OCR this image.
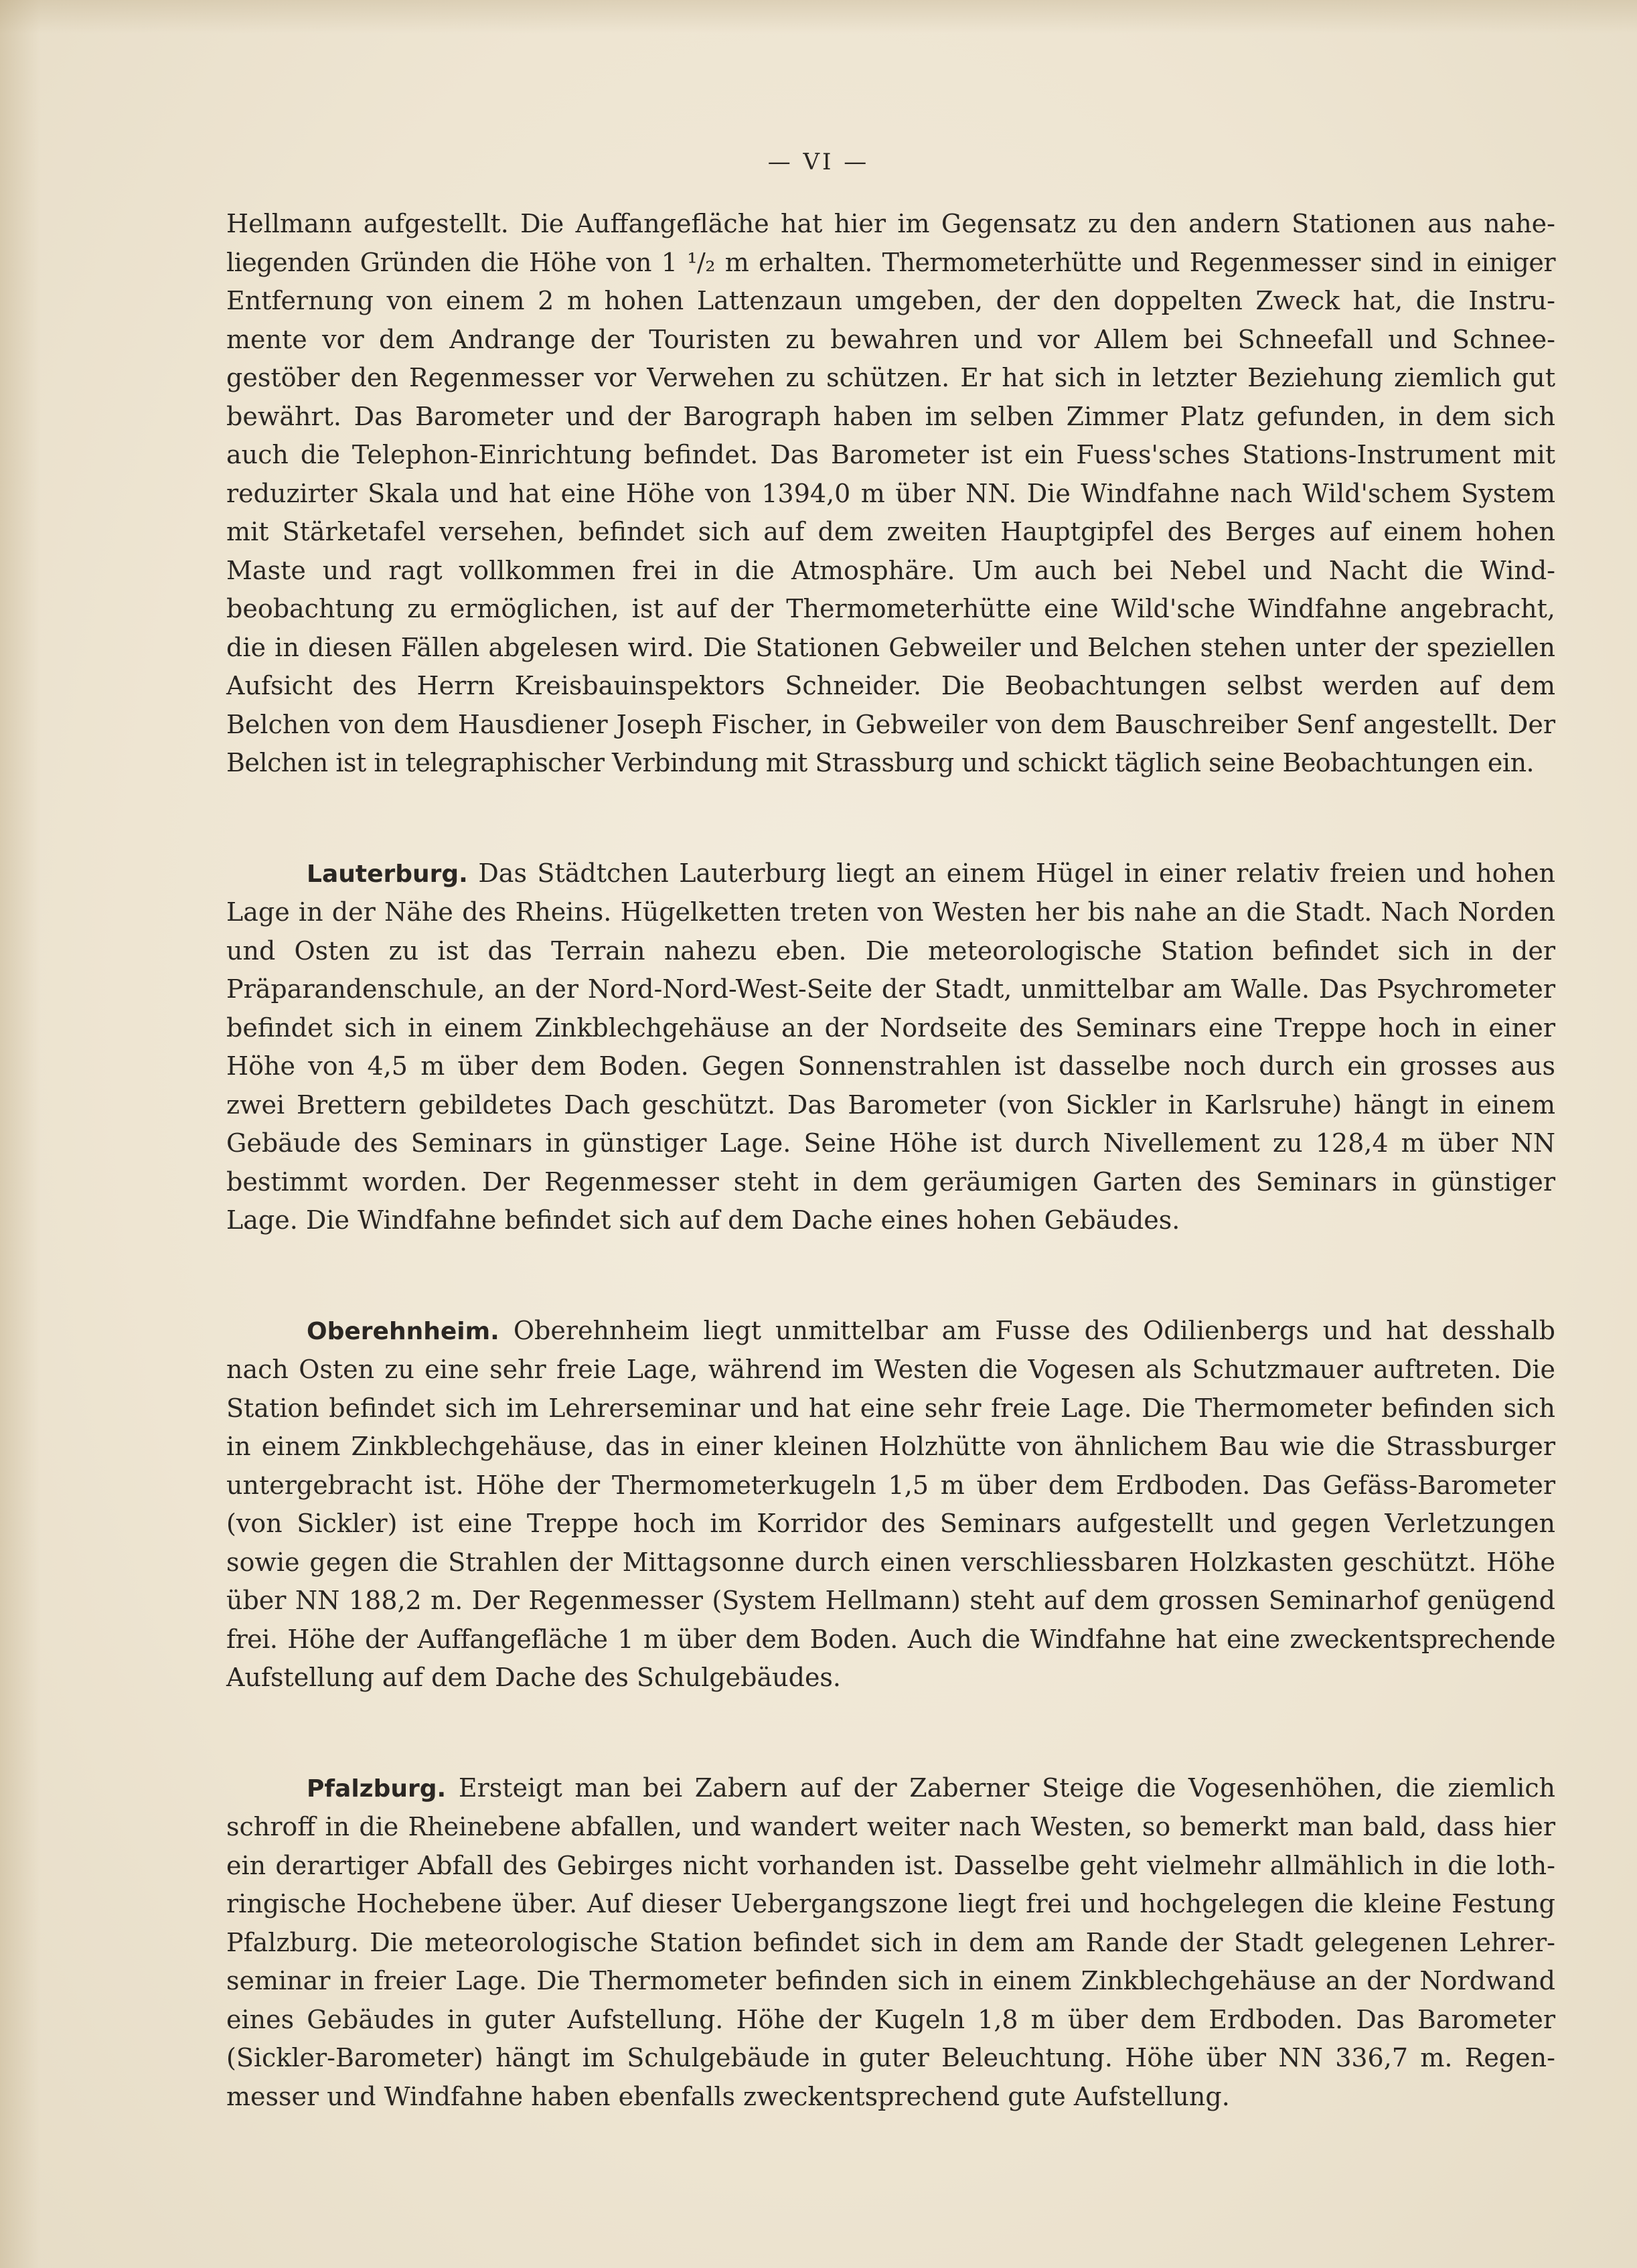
— VI —
Hellmann aufgestellt. Die Auffangefläche hat hier im Gegensatz zu den andern Stationen aus nahe-
liegenden Gründen die Höhe von 1 ¹/₂ m erhalten. Thermometerhütte und Regenmesser sind in einiger
Entfernung von einem 2 m hohen Lattenzaun umgeben, der den doppelten Zweck hat, die Instru-
mente vor dem Andrange der Touristen zu bewahren und vor Allem bei Schneefall und Schnee-
gestöber den Regenmesser vor Verwehen zu schützen. Er hat sich in letzter Beziehung ziemlich gut
bewährt. Das Barometer und der Barograph haben im selben Zimmer Platz gefunden, in dem sich
auch die Telephon-Einrichtung befindet. Das Barometer ist ein Fuess'sches Stations-Instrument mit
reduzirter Skala und hat eine Höhe von 1394,0 m über NN. Die Windfahne nach Wild'schem System
mit Stärketafel versehen, befindet sich auf dem zweiten Hauptgipfel des Berges auf einem hohen
Maste und ragt vollkommen frei in die Atmosphäre. Um auch bei Nebel und Nacht die Wind-
beobachtung zu ermöglichen, ist auf der Thermometerhütte eine Wild'sche Windfahne angebracht,
die in diesen Fällen abgelesen wird. Die Stationen Gebweiler und Belchen stehen unter der speziellen
Aufsicht des Herrn Kreisbauinspektors Schneider. Die Beobachtungen selbst werden auf dem
Belchen von dem Hausdiener Joseph Fischer, in Gebweiler von dem Bauschreiber Senf angestellt. Der
Belchen ist in telegraphischer Verbindung mit Strassburg und schickt täglich seine Beobachtungen ein.
Lauterburg. Das Städtchen Lauterburg liegt an einem Hügel in einer relativ freien und hohen
Lage in der Nähe des Rheins. Hügelketten treten von Westen her bis nahe an die Stadt. Nach Norden
und Osten zu ist das Terrain nahezu eben. Die meteorologische Station befindet sich in der
Präparandenschule, an der Nord-Nord-West-Seite der Stadt, unmittelbar am Walle. Das Psychrometer
befindet sich in einem Zinkblechgehäuse an der Nordseite des Seminars eine Treppe hoch in einer
Höhe von 4,5 m über dem Boden. Gegen Sonnenstrahlen ist dasselbe noch durch ein grosses aus
zwei Brettern gebildetes Dach geschützt. Das Barometer (von Sickler in Karlsruhe) hängt in einem
Gebäude des Seminars in günstiger Lage. Seine Höhe ist durch Nivellement zu 128,4 m über NN
bestimmt worden. Der Regenmesser steht in dem geräumigen Garten des Seminars in günstiger
Lage. Die Windfahne befindet sich auf dem Dache eines hohen Gebäudes.
Oberehnheim. Oberehnheim liegt unmittelbar am Fusse des Odilienbergs und hat desshalb
nach Osten zu eine sehr freie Lage, während im Westen die Vogesen als Schutzmauer auftreten. Die
Station befindet sich im Lehrerseminar und hat eine sehr freie Lage. Die Thermometer befinden sich
in einem Zinkblechgehäuse, das in einer kleinen Holzhütte von ähnlichem Bau wie die Strassburger
untergebracht ist. Höhe der Thermometerkugeln 1,5 m über dem Erdboden. Das Gefäss-Barometer
(von Sickler) ist eine Treppe hoch im Korridor des Seminars aufgestellt und gegen Verletzungen
sowie gegen die Strahlen der Mittagsonne durch einen verschliessbaren Holzkasten geschützt. Höhe
über NN 188,2 m. Der Regenmesser (System Hellmann) steht auf dem grossen Seminarhof genügend
frei. Höhe der Auffangefläche 1 m über dem Boden. Auch die Windfahne hat eine zweckentsprechende
Aufstellung auf dem Dache des Schulgebäudes.
Pfalzburg. Ersteigt man bei Zabern auf der Zaberner Steige die Vogesenhöhen, die ziemlich
schroff in die Rheinebene abfallen, und wandert weiter nach Westen, so bemerkt man bald, dass hier
ein derartiger Abfall des Gebirges nicht vorhanden ist. Dasselbe geht vielmehr allmählich in die loth-
ringische Hochebene über. Auf dieser Uebergangszone liegt frei und hochgelegen die kleine Festung
Pfalzburg. Die meteorologische Station befindet sich in dem am Rande der Stadt gelegenen Lehrer-
seminar in freier Lage. Die Thermometer befinden sich in einem Zinkblechgehäuse an der Nordwand
eines Gebäudes in guter Aufstellung. Höhe der Kugeln 1,8 m über dem Erdboden. Das Barometer
(Sickler-Barometer) hängt im Schulgebäude in guter Beleuchtung. Höhe über NN 336,7 m. Regen-
messer und Windfahne haben ebenfalls zweckentsprechend gute Aufstellung.
